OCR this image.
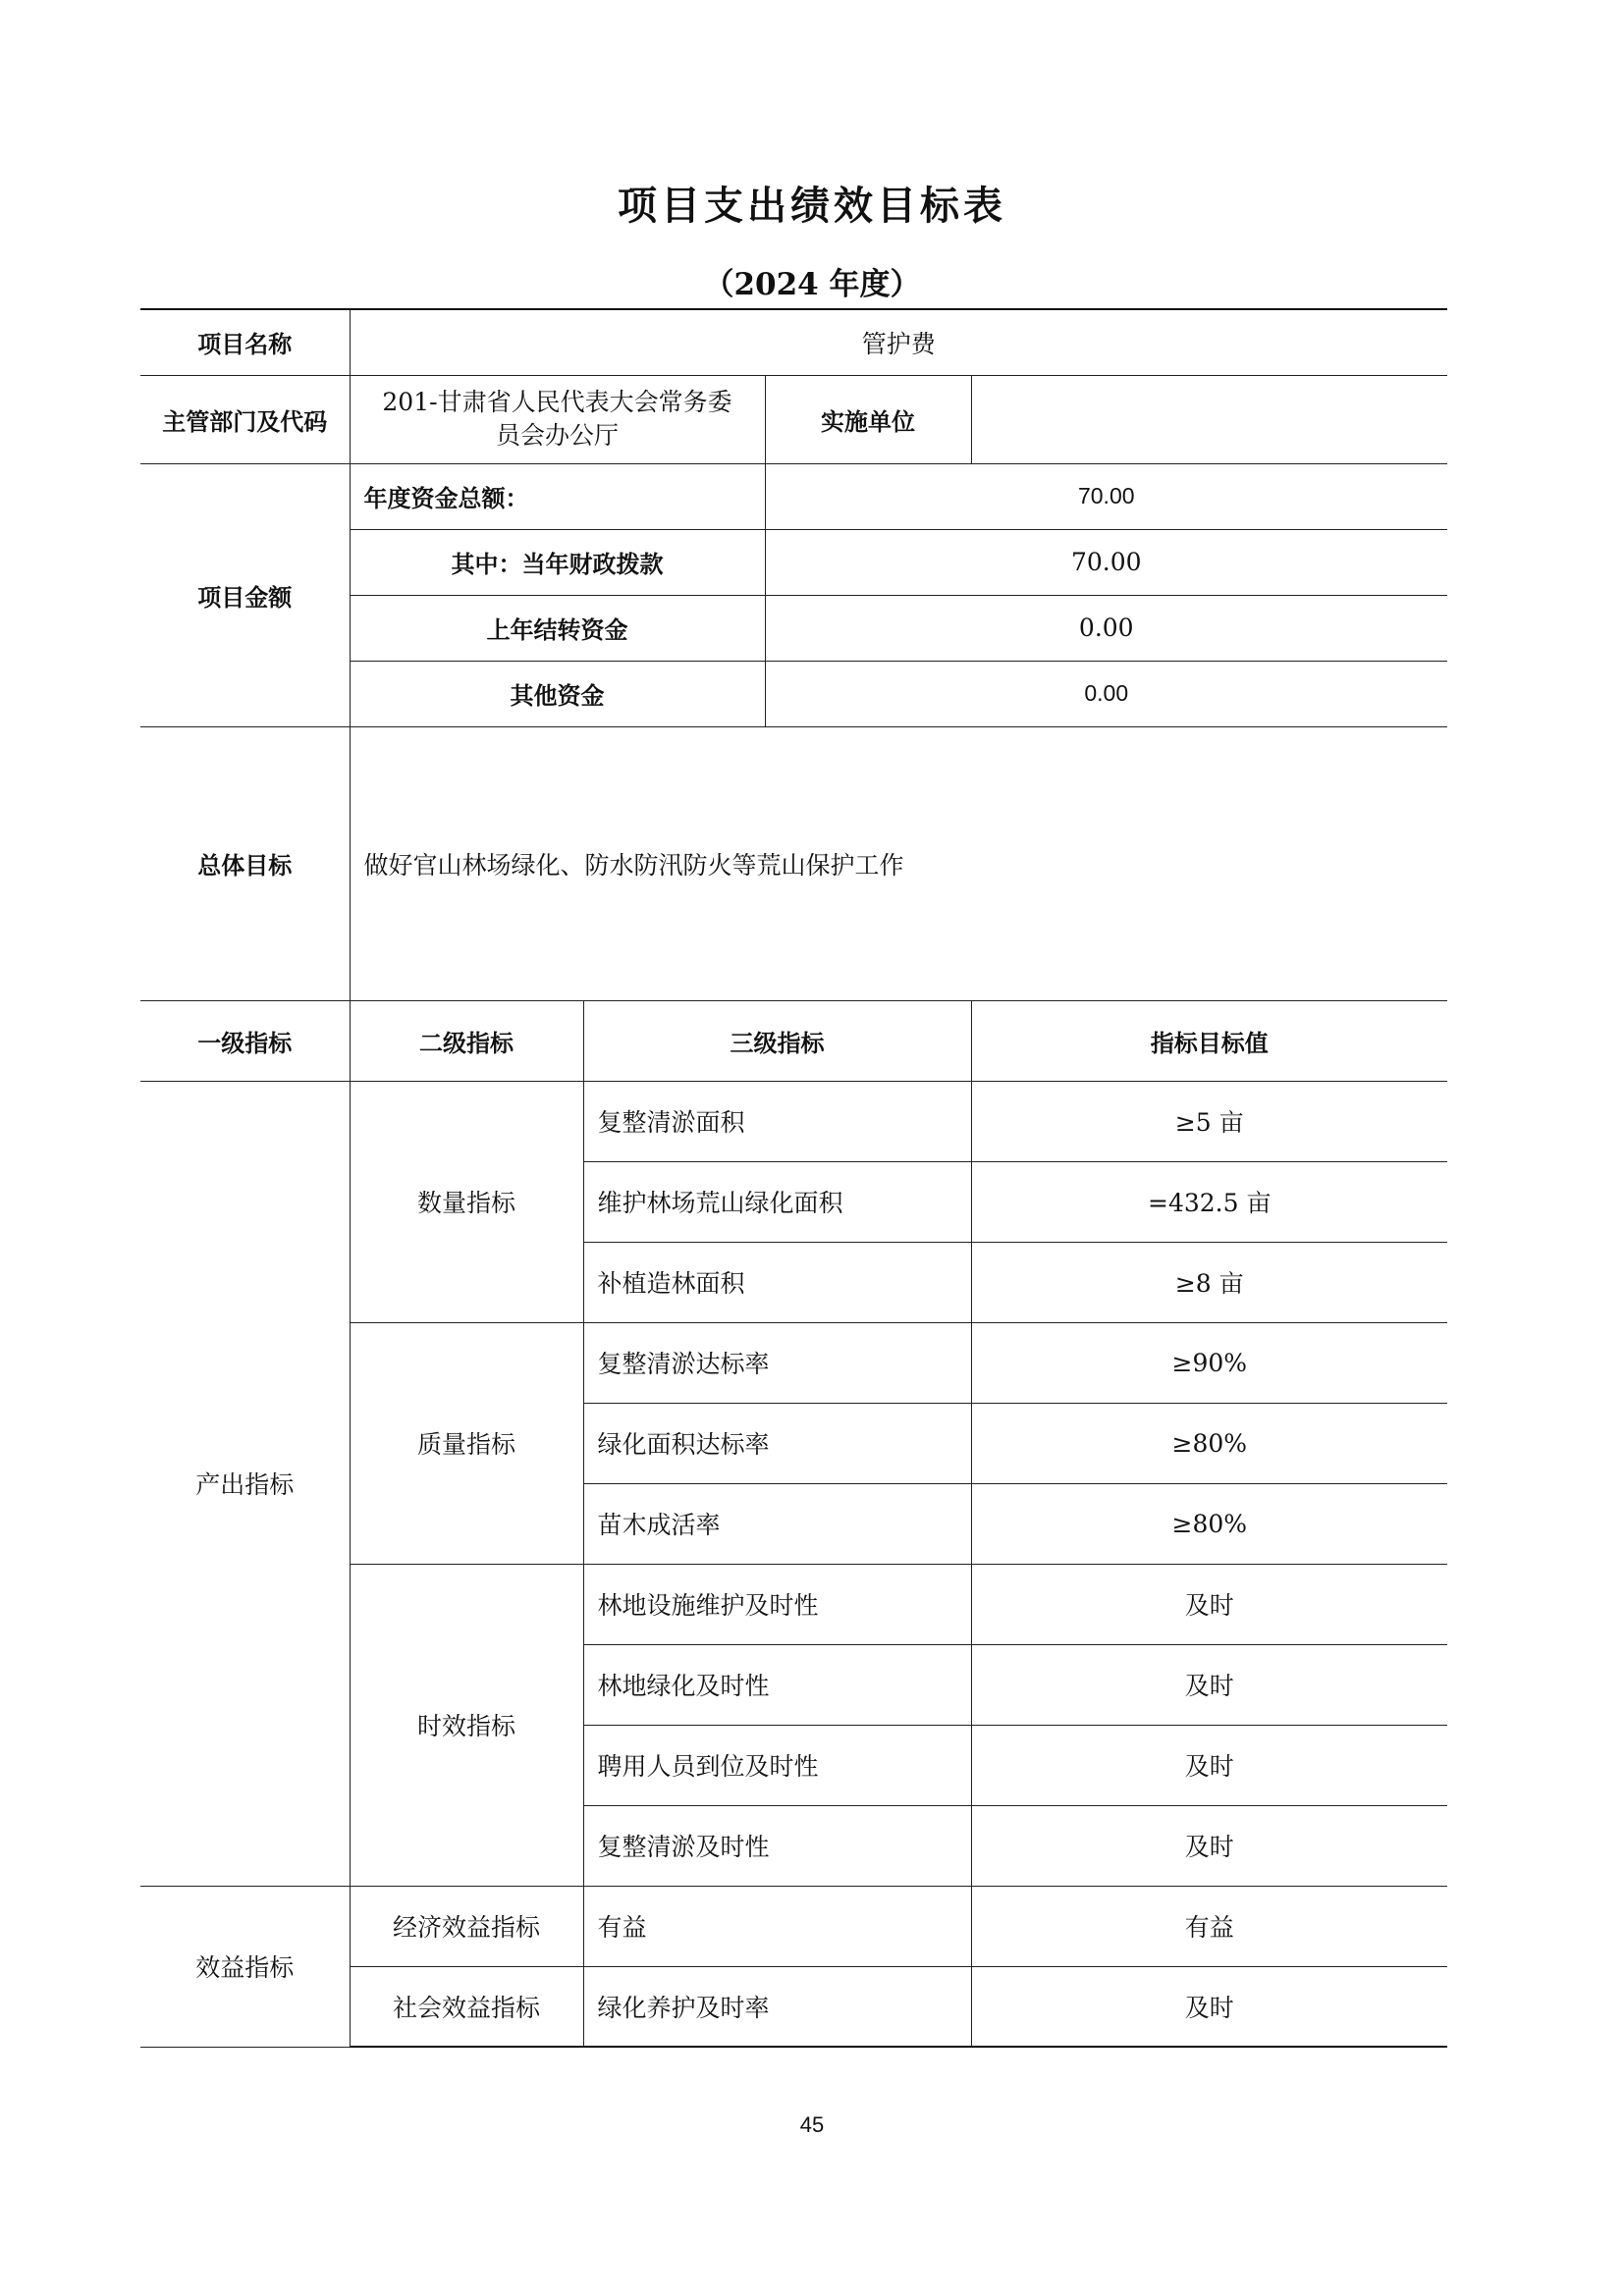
项目支出绩效目标表
（2024 年度）
项目名称	管护费			
主管部门及代码	201-甘肃省人民代表大会常务委员会办公厅		实施单位	
项目金额	年度资金总额：		70.00	
	其中：当年财政拨款		70.00	
	上年结转资金		0.00	
	其他资金		0.00	
总体目标	做好官山林场绿化、防水防汛防火等荒山保护工作			
一级指标	二级指标	三级指标		指标目标值
产出指标	数量指标	复整清淤面积		≥5 亩
		维护林场荒山绿化面积		=432.5 亩
		补植造林面积		≥8 亩
	质量指标	复整清淤达标率		≥90%
		绿化面积达标率		≥80%
		苗木成活率		≥80%
	时效指标	林地设施维护及时性		及时
		林地绿化及时性		及时
		聘用人员到位及时性		及时
		复整清淤及时性		及时
效益指标	经济效益指标	有益		有益
	社会效益指标	绿化养护及时率		及时
45
